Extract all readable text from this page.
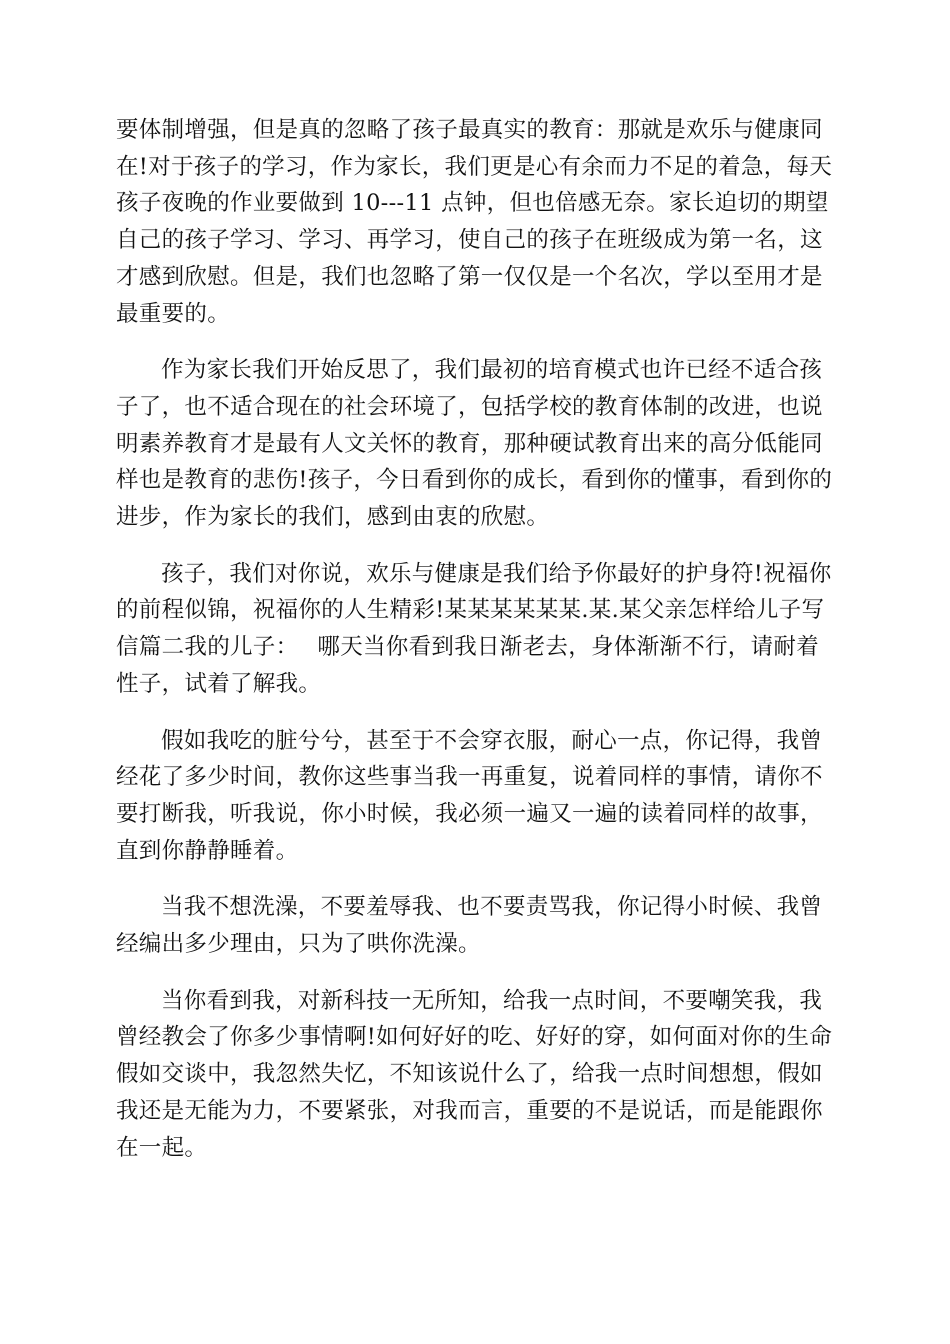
要体制增强，但是真的忽略了孩子最真实的教育：那就是欢乐与健康同在!对于孩子的学习，作为家长，我们更是心有余而力不足的着急，每天孩子夜晚的作业要做到 10---11 点钟，但也倍感无奈。家长迫切的期望自己的孩子学习、学习、再学习，使自己的孩子在班级成为第一名，这才感到欣慰。但是，我们也忽略了第一仅仅是一个名次，学以至用才是最重要的。

作为家长我们开始反思了，我们最初的培育模式也许已经不适合孩子了，也不适合现在的社会环境了，包括学校的教育体制的改进，也说明素养教育才是最有人文关怀的教育，那种硬试教育出来的高分低能同样也是教育的悲伤!孩子，今日看到你的成长，看到你的懂事，看到你的进步，作为家长的我们，感到由衷的欣慰。

孩子，我们对你说，欢乐与健康是我们给予你最好的护身符!祝福你的前程似锦，祝福你的人生精彩!某某某某某某.某.某父亲怎样给儿子写信篇二我的儿子：　 哪天当你看到我日渐老去，身体渐渐不行，请耐着性子，试着了解我。

假如我吃的脏兮兮，甚至于不会穿衣服，耐心一点，你记得，我曾经花了多少时间，教你这些事当我一再重复，说着同样的事情，请你不要打断我，听我说，你小时候，我必须一遍又一遍的读着同样的故事，直到你静静睡着。

当我不想洗澡，不要羞辱我、也不要责骂我，你记得小时候、我曾经编出多少理由，只为了哄你洗澡。

当你看到我，对新科技一无所知，给我一点时间，不要嘲笑我，我曾经教会了你多少事情啊!如何好好的吃、好好的穿，如何面对你的生命假如交谈中，我忽然失忆，不知该说什么了，给我一点时间想想，假如我还是无能为力，不要紧张，对我而言，重要的不是说话，而是能跟你在一起。
